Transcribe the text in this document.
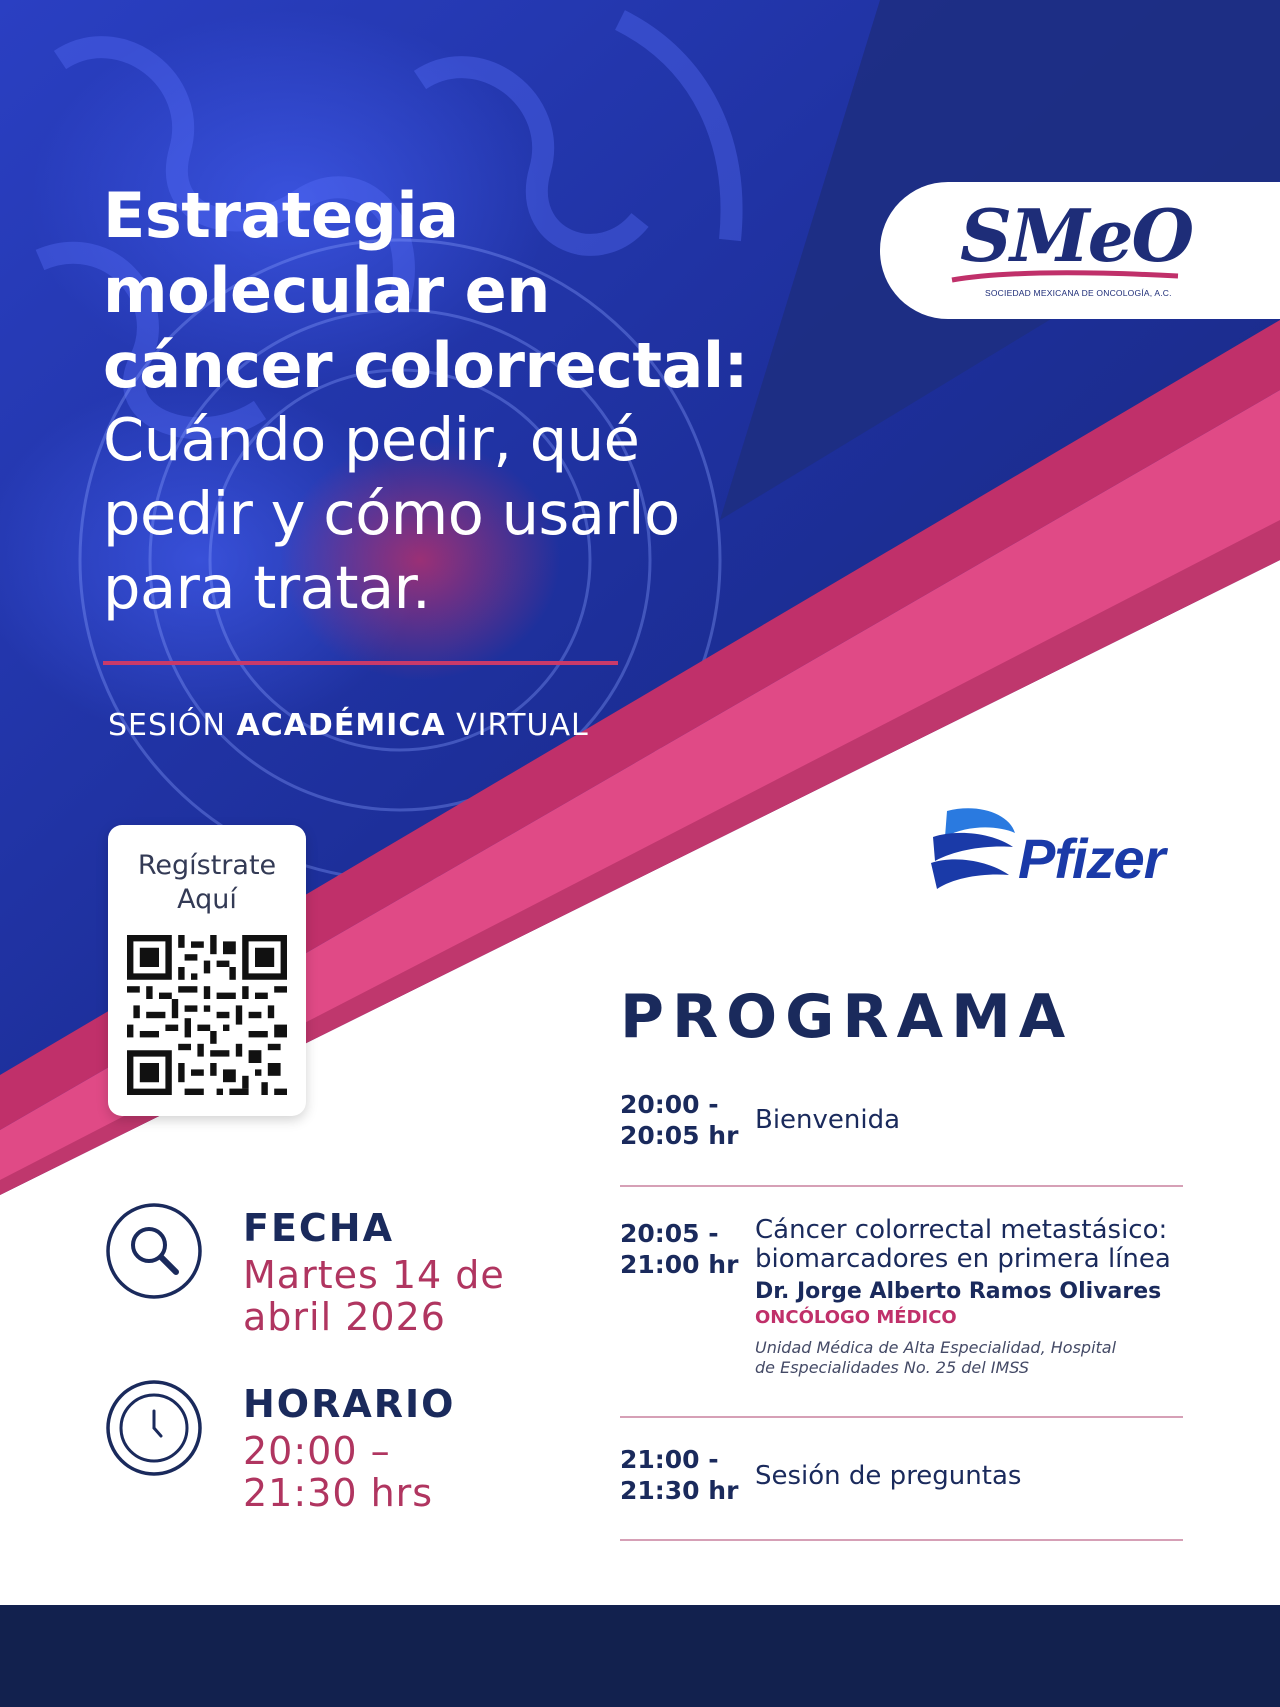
Estrategia
molecular en
cáncer colorrectal:
Cuándo pedir, qué
pedir y cómo usarlo
para tratar.
SESIÓN ACADÉMICA VIRTUAL
SMeO
SOCIEDAD MEXICANA DE ONCOLOGÍA, A.C.
Regístrate
Aquí
Pfizer
PROGRAMA
20:00 -
20:05 hr
Bienvenida
20:05 -
21:00 hr
Cáncer colorrectal metastásico:
biomarcadores en primera línea
Dr. Jorge Alberto Ramos Olivares
ONCÓLOGO MÉDICO
Unidad Médica de Alta Especialidad, Hospital
de Especialidades No. 25 del IMSS
21:00 -
21:30 hr Sesión de preguntas
FECHA
Martes 14 de
abril 2026
HORARIO
20:00 –
21:30 hrs
